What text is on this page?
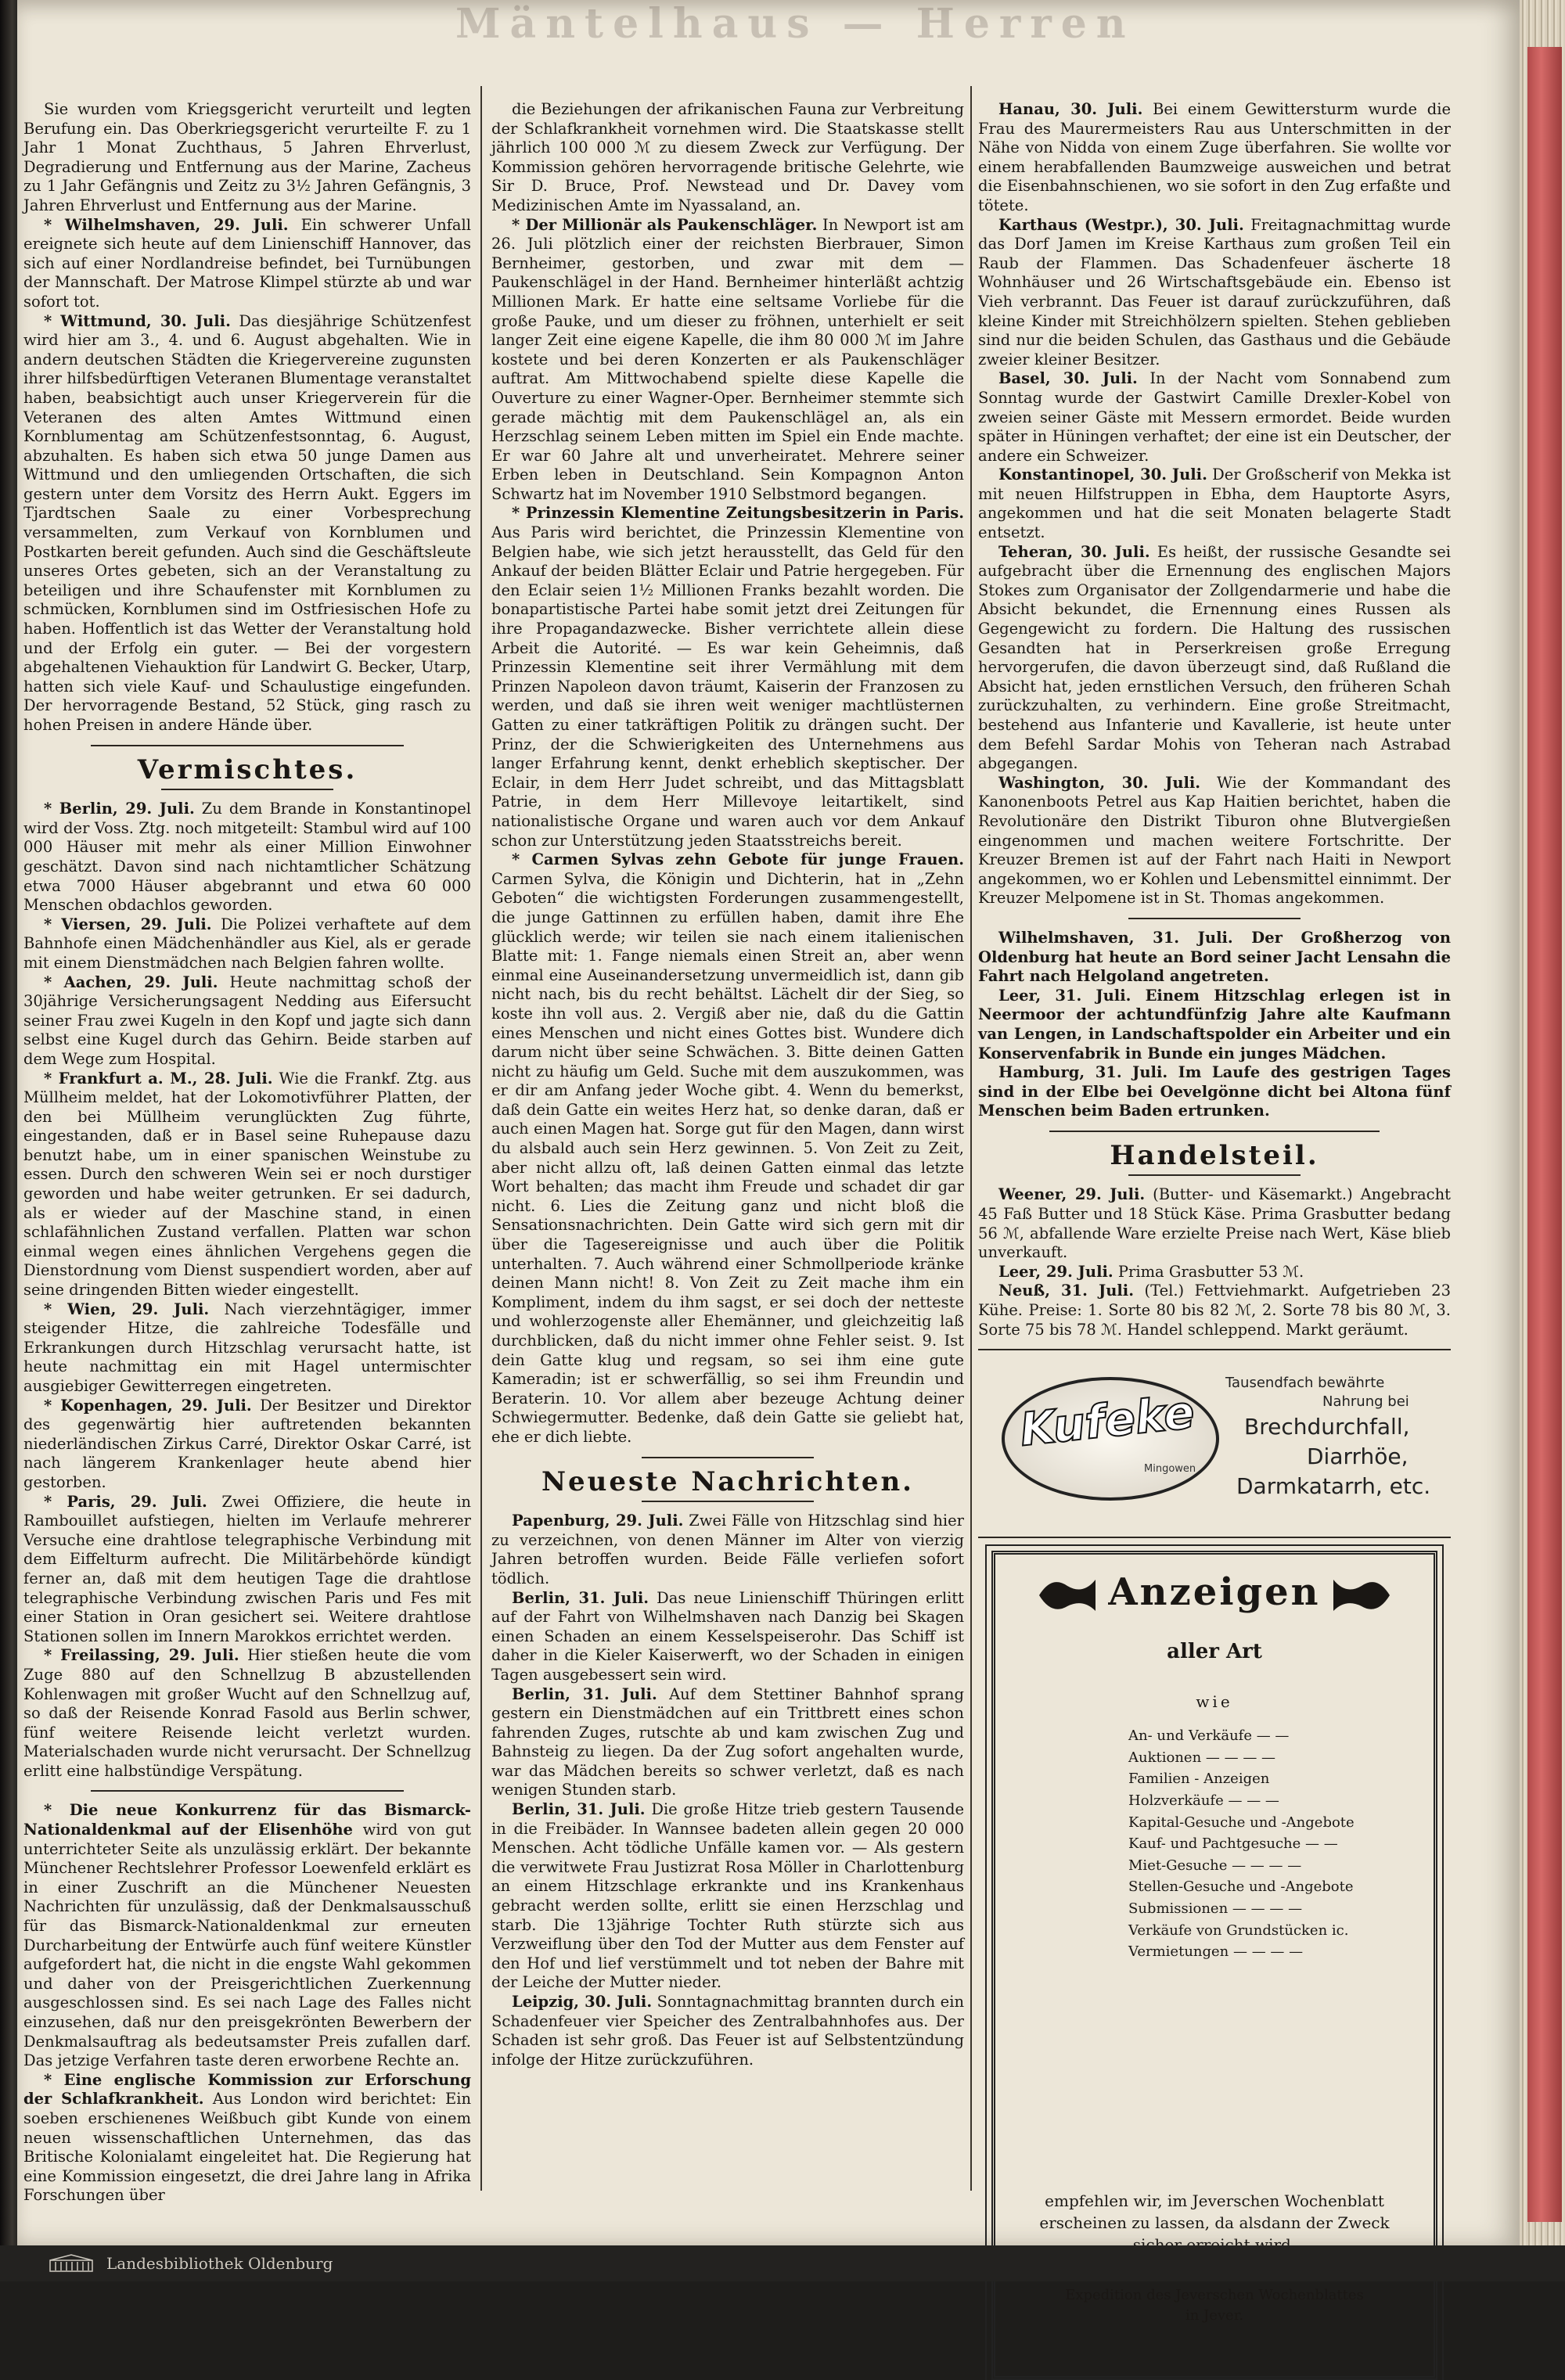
Mäntelhaus — Herren

Sie wurden vom Kriegsgericht verurteilt und legten Berufung ein. Das Oberkriegsgericht verurteilte F. zu 1 Jahr 1 Monat Zuchthaus, 5 Jahren Ehrverlust, Degradierung und Entfernung aus der Marine, Zacheus zu 1 Jahr Gefängnis und Zeitz zu 3½ Jahren Gefängnis, 3 Jahren Ehrverlust und Entfernung aus der Marine.

* Wilhelmshaven, 29. Juli. Ein schwerer Unfall ereignete sich heute auf dem Linienschiff Hannover, das sich auf einer Nordlandreise befindet, bei Turnübungen der Mannschaft. Der Matrose Klimpel stürzte ab und war sofort tot.

* Wittmund, 30. Juli. Das diesjährige Schützenfest wird hier am 3., 4. und 6. August abgehalten. Wie in andern deutschen Städten die Kriegervereine zugunsten ihrer hilfsbedürftigen Veteranen Blumentage veranstaltet haben, beabsichtigt auch unser Kriegerverein für die Veteranen des alten Amtes Wittmund einen Kornblumentag am Schützenfestsonntag, 6. August, abzuhalten. Es haben sich etwa 50 junge Damen aus Wittmund und den umliegenden Ortschaften, die sich gestern unter dem Vorsitz des Herrn Aukt. Eggers im Tjardtschen Saale zu einer Vorbesprechung versammelten, zum Verkauf von Kornblumen und Postkarten bereit gefunden. Auch sind die Geschäftsleute unseres Ortes gebeten, sich an der Veranstaltung zu beteiligen und ihre Schaufenster mit Kornblumen zu schmücken, Kornblumen sind im Ostfriesischen Hofe zu haben. Hoffentlich ist das Wetter der Veranstaltung hold und der Erfolg ein guter. — Bei der vorgestern abgehaltenen Viehauktion für Landwirt G. Becker, Utarp, hatten sich viele Kauf- und Schaulustige eingefunden. Der hervorragende Bestand, 52 Stück, ging rasch zu hohen Preisen in andere Hände über.

Vermischtes.

* Berlin, 29. Juli. Zu dem Brande in Konstantinopel wird der Voss. Ztg. noch mitgeteilt: Stambul wird auf 100 000 Häuser mit mehr als einer Million Einwohner geschätzt. Davon sind nach nichtamtlicher Schätzung etwa 7000 Häuser abgebrannt und etwa 60 000 Menschen obdachlos geworden.

* Viersen, 29. Juli. Die Polizei verhaftete auf dem Bahnhofe einen Mädchenhändler aus Kiel, als er gerade mit einem Dienstmädchen nach Belgien fahren wollte.

* Aachen, 29. Juli. Heute nachmittag schoß der 30jährige Versicherungsagent Nedding aus Eifersucht seiner Frau zwei Kugeln in den Kopf und jagte sich dann selbst eine Kugel durch das Gehirn. Beide starben auf dem Wege zum Hospital.

* Frankfurt a. M., 28. Juli. Wie die Frankf. Ztg. aus Müllheim meldet, hat der Lokomotivführer Platten, der den bei Müllheim verunglückten Zug führte, eingestanden, daß er in Basel seine Ruhepause dazu benutzt habe, um in einer spanischen Weinstube zu essen. Durch den schweren Wein sei er noch durstiger geworden und habe weiter getrunken. Er sei dadurch, als er wieder auf der Maschine stand, in einen schlafähnlichen Zustand verfallen. Platten war schon einmal wegen eines ähnlichen Vergehens gegen die Dienstordnung vom Dienst suspendiert worden, aber auf seine dringenden Bitten wieder eingestellt.

* Wien, 29. Juli. Nach vierzehntägiger, immer steigender Hitze, die zahlreiche Todesfälle und Erkrankungen durch Hitzschlag verursacht hatte, ist heute nachmittag ein mit Hagel untermischter ausgiebiger Gewitterregen eingetreten.

* Kopenhagen, 29. Juli. Der Besitzer und Direktor des gegenwärtig hier auftretenden bekannten niederländischen Zirkus Carré, Direktor Oskar Carré, ist nach längerem Krankenlager heute abend hier gestorben.

* Paris, 29. Juli. Zwei Offiziere, die heute in Rambouillet aufstiegen, hielten im Verlaufe mehrerer Versuche eine drahtlose telegraphische Verbindung mit dem Eiffelturm aufrecht. Die Militärbehörde kündigt ferner an, daß mit dem heutigen Tage die drahtlose telegraphische Verbindung zwischen Paris und Fes mit einer Station in Oran gesichert sei. Weitere drahtlose Stationen sollen im Innern Marokkos errichtet werden.

* Freilassing, 29. Juli. Hier stießen heute die vom Zuge 880 auf den Schnellzug B abzustellenden Kohlenwagen mit großer Wucht auf den Schnellzug auf, so daß der Reisende Konrad Fasold aus Berlin schwer, fünf weitere Reisende leicht verletzt wurden. Materialschaden wurde nicht verursacht. Der Schnellzug erlitt eine halbstündige Verspätung.

* Die neue Konkurrenz für das Bismarck-Nationaldenkmal auf der Elisenhöhe wird von gut unterrichteter Seite als unzulässig erklärt. Der bekannte Münchener Rechtslehrer Professor Loewenfeld erklärt es in einer Zuschrift an die Münchener Neuesten Nachrichten für unzulässig, daß der Denkmalsausschuß für das Bismarck-Nationaldenkmal zur erneuten Durcharbeitung der Entwürfe auch fünf weitere Künstler aufgefordert hat, die nicht in die engste Wahl gekommen und daher von der Preisgerichtlichen Zuerkennung ausgeschlossen sind. Es sei nach Lage des Falles nicht einzusehen, daß nur den preisgekrönten Bewerbern der Denkmalsauftrag als bedeutsamster Preis zufallen darf. Das jetzige Verfahren taste deren erworbene Rechte an.

* Eine englische Kommission zur Erforschung der Schlafkrankheit. Aus London wird berichtet: Ein soeben erschienenes Weißbuch gibt Kunde von einem neuen wissenschaftlichen Unternehmen, das das Britische Kolonialamt eingeleitet hat. Die Regierung hat eine Kommission eingesetzt, die drei Jahre lang in Afrika Forschungen über

die Beziehungen der afrikanischen Fauna zur Verbreitung der Schlafkrankheit vornehmen wird. Die Staatskasse stellt jährlich 100 000 ℳ zu diesem Zweck zur Verfügung. Der Kommission gehören hervorragende britische Gelehrte, wie Sir D. Bruce, Prof. Newstead und Dr. Davey vom Medizinischen Amte im Nyassaland, an.

* Der Millionär als Paukenschläger. In Newport ist am 26. Juli plötzlich einer der reichsten Bierbrauer, Simon Bernheimer, gestorben, und zwar mit dem — Paukenschlägel in der Hand. Bernheimer hinterläßt achtzig Millionen Mark. Er hatte eine seltsame Vorliebe für die große Pauke, und um dieser zu fröhnen, unterhielt er seit langer Zeit eine eigene Kapelle, die ihm 80 000 ℳ im Jahre kostete und bei deren Konzerten er als Paukenschläger auftrat. Am Mittwochabend spielte diese Kapelle die Ouverture zu einer Wagner-Oper. Bernheimer stemmte sich gerade mächtig mit dem Paukenschlägel an, als ein Herzschlag seinem Leben mitten im Spiel ein Ende machte. Er war 60 Jahre alt und unverheiratet. Mehrere seiner Erben leben in Deutschland. Sein Kompagnon Anton Schwartz hat im November 1910 Selbstmord begangen.

* Prinzessin Klementine Zeitungsbesitzerin in Paris. Aus Paris wird berichtet, die Prinzessin Klementine von Belgien habe, wie sich jetzt herausstellt, das Geld für den Ankauf der beiden Blätter Eclair und Patrie hergegeben. Für den Eclair seien 1½ Millionen Franks bezahlt worden. Die bonapartistische Partei habe somit jetzt drei Zeitungen für ihre Propagandazwecke. Bisher verrichtete allein diese Arbeit die Autorité. — Es war kein Geheimnis, daß Prinzessin Klementine seit ihrer Vermählung mit dem Prinzen Napoleon davon träumt, Kaiserin der Franzosen zu werden, und daß sie ihren weit weniger machtlüsternen Gatten zu einer tatkräftigen Politik zu drängen sucht. Der Prinz, der die Schwierigkeiten des Unternehmens aus langer Erfahrung kennt, denkt erheblich skeptischer. Der Eclair, in dem Herr Judet schreibt, und das Mittagsblatt Patrie, in dem Herr Millevoye leitartikelt, sind nationalistische Organe und waren auch vor dem Ankauf schon zur Unterstützung jeden Staatsstreichs bereit.

* Carmen Sylvas zehn Gebote für junge Frauen. Carmen Sylva, die Königin und Dichterin, hat in „Zehn Geboten“ die wichtigsten Forderungen zusammengestellt, die junge Gattinnen zu erfüllen haben, damit ihre Ehe glücklich werde; wir teilen sie nach einem italienischen Blatte mit: 1. Fange niemals einen Streit an, aber wenn einmal eine Auseinandersetzung unvermeidlich ist, dann gib nicht nach, bis du recht behältst. Lächelt dir der Sieg, so koste ihn voll aus. 2. Vergiß aber nie, daß du die Gattin eines Menschen und nicht eines Gottes bist. Wundere dich darum nicht über seine Schwächen. 3. Bitte deinen Gatten nicht zu häufig um Geld. Suche mit dem auszukommen, was er dir am Anfang jeder Woche gibt. 4. Wenn du bemerkst, daß dein Gatte ein weites Herz hat, so denke daran, daß er auch einen Magen hat. Sorge gut für den Magen, dann wirst du alsbald auch sein Herz gewinnen. 5. Von Zeit zu Zeit, aber nicht allzu oft, laß deinen Gatten einmal das letzte Wort behalten; das macht ihm Freude und schadet dir gar nicht. 6. Lies die Zeitung ganz und nicht bloß die Sensationsnachrichten. Dein Gatte wird sich gern mit dir über die Tagesereignisse und auch über die Politik unterhalten. 7. Auch während einer Schmollperiode kränke deinen Mann nicht! 8. Von Zeit zu Zeit mache ihm ein Kompliment, indem du ihm sagst, er sei doch der netteste und wohlerzogenste aller Ehemänner, und gleichzeitig laß durchblicken, daß du nicht immer ohne Fehler seist. 9. Ist dein Gatte klug und regsam, so sei ihm eine gute Kameradin; ist er schwerfällig, so sei ihm Freundin und Beraterin. 10. Vor allem aber bezeuge Achtung deiner Schwiegermutter. Bedenke, daß dein Gatte sie geliebt hat, ehe er dich liebte.

Neueste Nachrichten.

Papenburg, 29. Juli. Zwei Fälle von Hitzschlag sind hier zu verzeichnen, von denen Männer im Alter von vierzig Jahren betroffen wurden. Beide Fälle verliefen sofort tödlich.

Berlin, 31. Juli. Das neue Linienschiff Thüringen erlitt auf der Fahrt von Wilhelmshaven nach Danzig bei Skagen einen Schaden an einem Kesselspeiserohr. Das Schiff ist daher in die Kieler Kaiserwerft, wo der Schaden in einigen Tagen ausgebessert sein wird.

Berlin, 31. Juli. Auf dem Stettiner Bahnhof sprang gestern ein Dienstmädchen auf ein Trittbrett eines schon fahrenden Zuges, rutschte ab und kam zwischen Zug und Bahnsteig zu liegen. Da der Zug sofort angehalten wurde, war das Mädchen bereits so schwer verletzt, daß es nach wenigen Stunden starb.

Berlin, 31. Juli. Die große Hitze trieb gestern Tausende in die Freibäder. In Wannsee badeten allein gegen 20 000 Menschen. Acht tödliche Unfälle kamen vor. — Als gestern die verwitwete Frau Justizrat Rosa Möller in Charlottenburg an einem Hitzschlage erkrankte und ins Krankenhaus gebracht werden sollte, erlitt sie einen Herzschlag und starb. Die 13jährige Tochter Ruth stürzte sich aus Verzweiflung über den Tod der Mutter aus dem Fenster auf den Hof und lief verstümmelt und tot neben der Bahre mit der Leiche der Mutter nieder.

Leipzig, 30. Juli. Sonntagnachmittag brannten durch ein Schadenfeuer vier Speicher des Zentralbahnhofes aus. Der Schaden ist sehr groß. Das Feuer ist auf Selbstentzündung infolge der Hitze zurückzuführen.

Hanau, 30. Juli. Bei einem Gewittersturm wurde die Frau des Maurermeisters Rau aus Unterschmitten in der Nähe von Nidda von einem Zuge überfahren. Sie wollte vor einem herabfallenden Baumzweige ausweichen und betrat die Eisenbahnschienen, wo sie sofort in den Zug erfaßte und tötete.

Karthaus (Westpr.), 30. Juli. Freitagnachmittag wurde das Dorf Jamen im Kreise Karthaus zum großen Teil ein Raub der Flammen. Das Schadenfeuer äscherte 18 Wohnhäuser und 26 Wirtschaftsgebäude ein. Ebenso ist Vieh verbrannt. Das Feuer ist darauf zurückzuführen, daß kleine Kinder mit Streichhölzern spielten. Stehen geblieben sind nur die beiden Schulen, das Gasthaus und die Gebäude zweier kleiner Besitzer.

Basel, 30. Juli. In der Nacht vom Sonnabend zum Sonntag wurde der Gastwirt Camille Drexler-Kobel von zweien seiner Gäste mit Messern ermordet. Beide wurden später in Hüningen verhaftet; der eine ist ein Deutscher, der andere ein Schweizer.

Konstantinopel, 30. Juli. Der Großscherif von Mekka ist mit neuen Hilfstruppen in Ebha, dem Hauptorte Asyrs, angekommen und hat die seit Monaten belagerte Stadt entsetzt.

Teheran, 30. Juli. Es heißt, der russische Gesandte sei aufgebracht über die Ernennung des englischen Majors Stokes zum Organisator der Zollgendarmerie und habe die Absicht bekundet, die Ernennung eines Russen als Gegengewicht zu fordern. Die Haltung des russischen Gesandten hat in Perserkreisen große Erregung hervorgerufen, die davon überzeugt sind, daß Rußland die Absicht hat, jeden ernstlichen Versuch, den früheren Schah zurückzuhalten, zu verhindern. Eine große Streitmacht, bestehend aus Infanterie und Kavallerie, ist heute unter dem Befehl Sardar Mohis von Teheran nach Astrabad abgegangen.

Washington, 30. Juli. Wie der Kommandant des Kanonenboots Petrel aus Kap Haitien berichtet, haben die Revolutionäre den Distrikt Tiburon ohne Blutvergießen eingenommen und machen weitere Fortschritte. Der Kreuzer Bremen ist auf der Fahrt nach Haiti in Newport angekommen, wo er Kohlen und Lebensmittel einnimmt. Der Kreuzer Melpomene ist in St. Thomas angekommen.

Wilhelmshaven, 31. Juli. Der Großherzog von Oldenburg hat heute an Bord seiner Jacht Lensahn die Fahrt nach Helgoland angetreten.

Leer, 31. Juli. Einem Hitzschlag erlegen ist in Neermoor der achtundfünfzig Jahre alte Kaufmann van Lengen, in Landschaftspolder ein Arbeiter und ein Konservenfabrik in Bunde ein junges Mädchen.

Hamburg, 31. Juli. Im Laufe des gestrigen Tages sind in der Elbe bei Oevelgönne dicht bei Altona fünf Menschen beim Baden ertrunken.

Handelsteil.

Weener, 29. Juli. (Butter- und Käsemarkt.) Angebracht 45 Faß Butter und 18 Stück Käse. Prima Grasbutter bedang 56 ℳ, abfallende Ware erzielte Preise nach Wert, Käse blieb unverkauft.

Leer, 29. Juli. Prima Grasbutter 53 ℳ.

Neuß, 31. Juli. (Tel.) Fettviehmarkt. Aufgetrieben 23 Kühe. Preise: 1. Sorte 80 bis 82 ℳ, 2. Sorte 78 bis 80 ℳ, 3. Sorte 75 bis 78 ℳ. Handel schleppend. Markt geräumt.

Kufeke
Mingowen
Tausendfach bewährte
Nahrung bei
Brechdurchfall,
Diarrhöe,
Darmkatarrh, etc.
Anzeigen
aller Art
wie
An- und Verkäufe — —
Auktionen — — — —
Familien - Anzeigen
Holzverkäufe — — —
Kapital-Gesuche und -Angebote
Kauf- und Pachtgesuche — —
Miet-Gesuche — — — —
Stellen-Gesuche und -Angebote
Submissionen — — — —
Verkäufe von Grundstücken ic.
Vermietungen — — — —
empfehlen wir, im Jeverschen Wochenblatt
erscheinen zu lassen, da alsdann der Zweck
Expedition des Jeverschen Wochenblattes
in Jever.
Landesbibliothek Oldenburg
